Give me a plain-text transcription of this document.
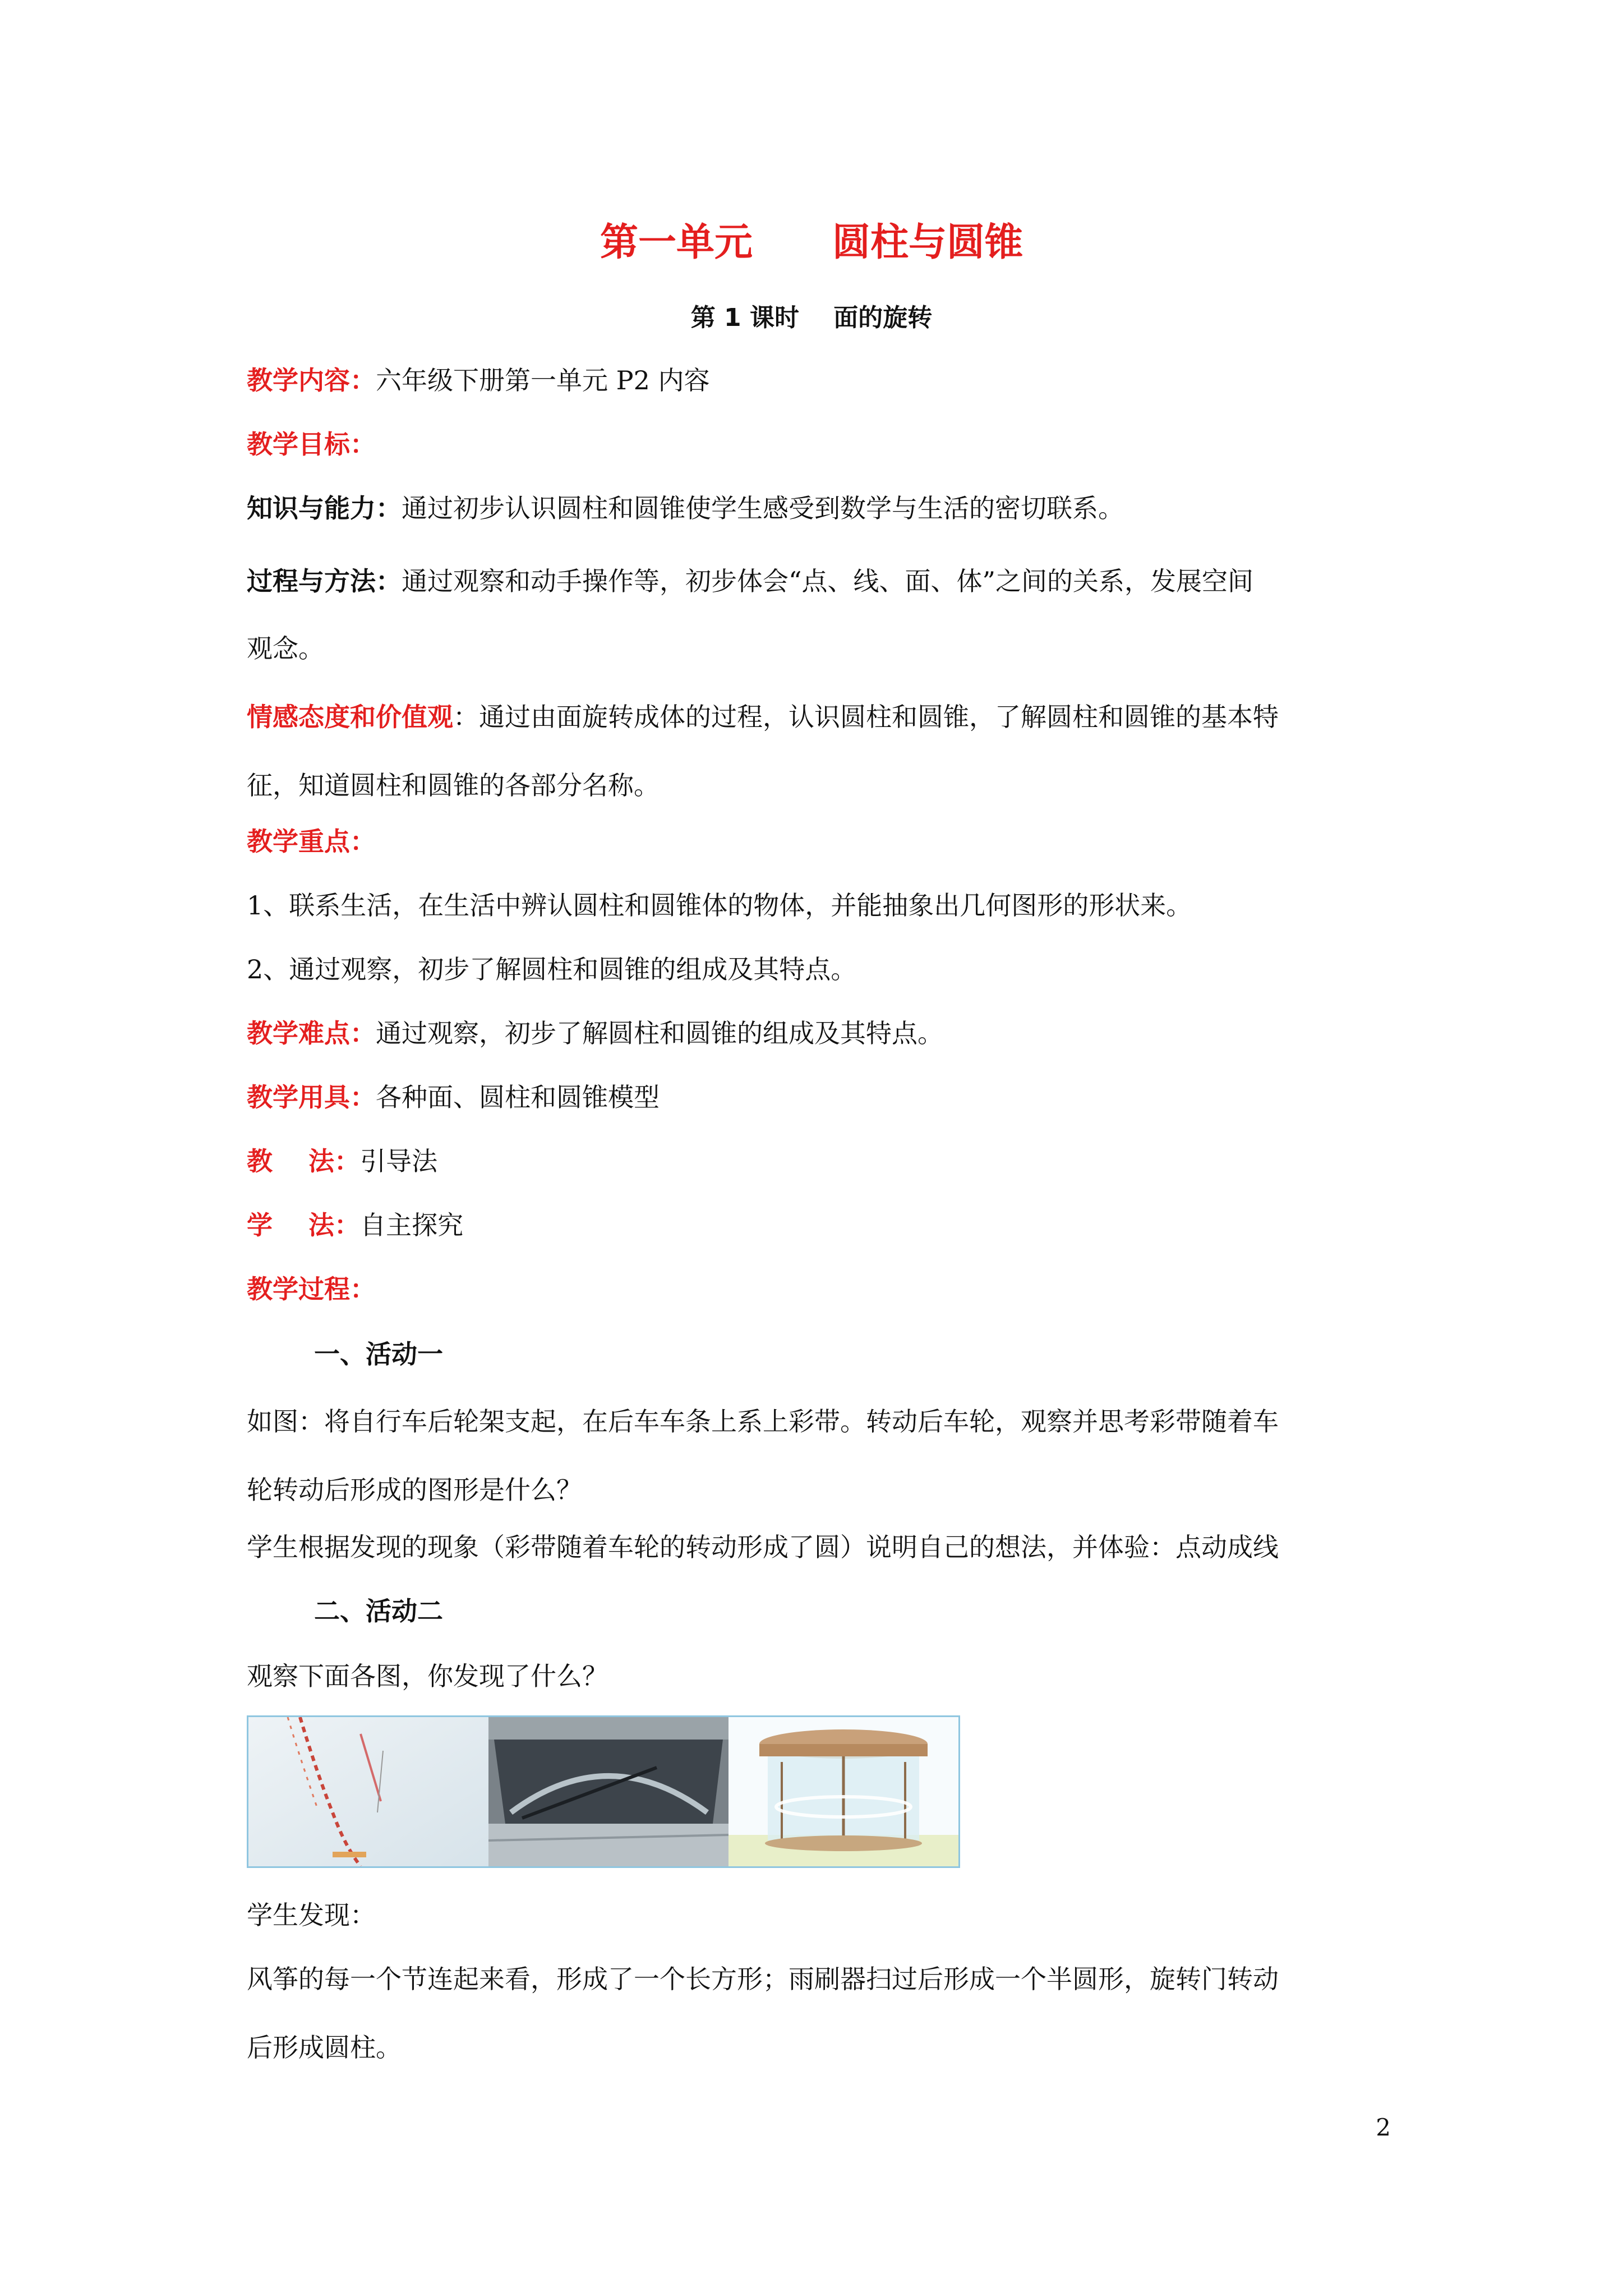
第一单元      圆柱与圆锥
第 1 课时    面的旋转
教学内容：六年级下册第一单元 P2 内容
教学目标：
知识与能力：通过初步认识圆柱和圆锥使学生感受到数学与生活的密切联系。
过程与方法：通过观察和动手操作等，初步体会“点、线、面、体”之间的关系，发展空间
观念。
情感态度和价值观：通过由面旋转成体的过程，认识圆柱和圆锥，了解圆柱和圆锥的基本特
征，知道圆柱和圆锥的各部分名称。
教学重点：
1、联系生活，在生活中辨认圆柱和圆锥体的物体，并能抽象出几何图形的形状来。
2、通过观察，初步了解圆柱和圆锥的组成及其特点。
教学难点：通过观察，初步了解圆柱和圆锥的组成及其特点。
教学用具：各种面、圆柱和圆锥模型
教    法：引导法
学    法：自主探究
教学过程：
一、活动一
如图：将自行车后轮架支起，在后车车条上系上彩带。转动后车轮，观察并思考彩带随着车
轮转动后形成的图形是什么？
学生根据发现的现象（彩带随着车轮的转动形成了圆）说明自己的想法，并体验：点动成线
二、活动二
观察下面各图，你发现了什么？
学生发现：
风筝的每一个节连起来看，形成了一个长方形；雨刷器扫过后形成一个半圆形，旋转门转动
后形成圆柱。
2
